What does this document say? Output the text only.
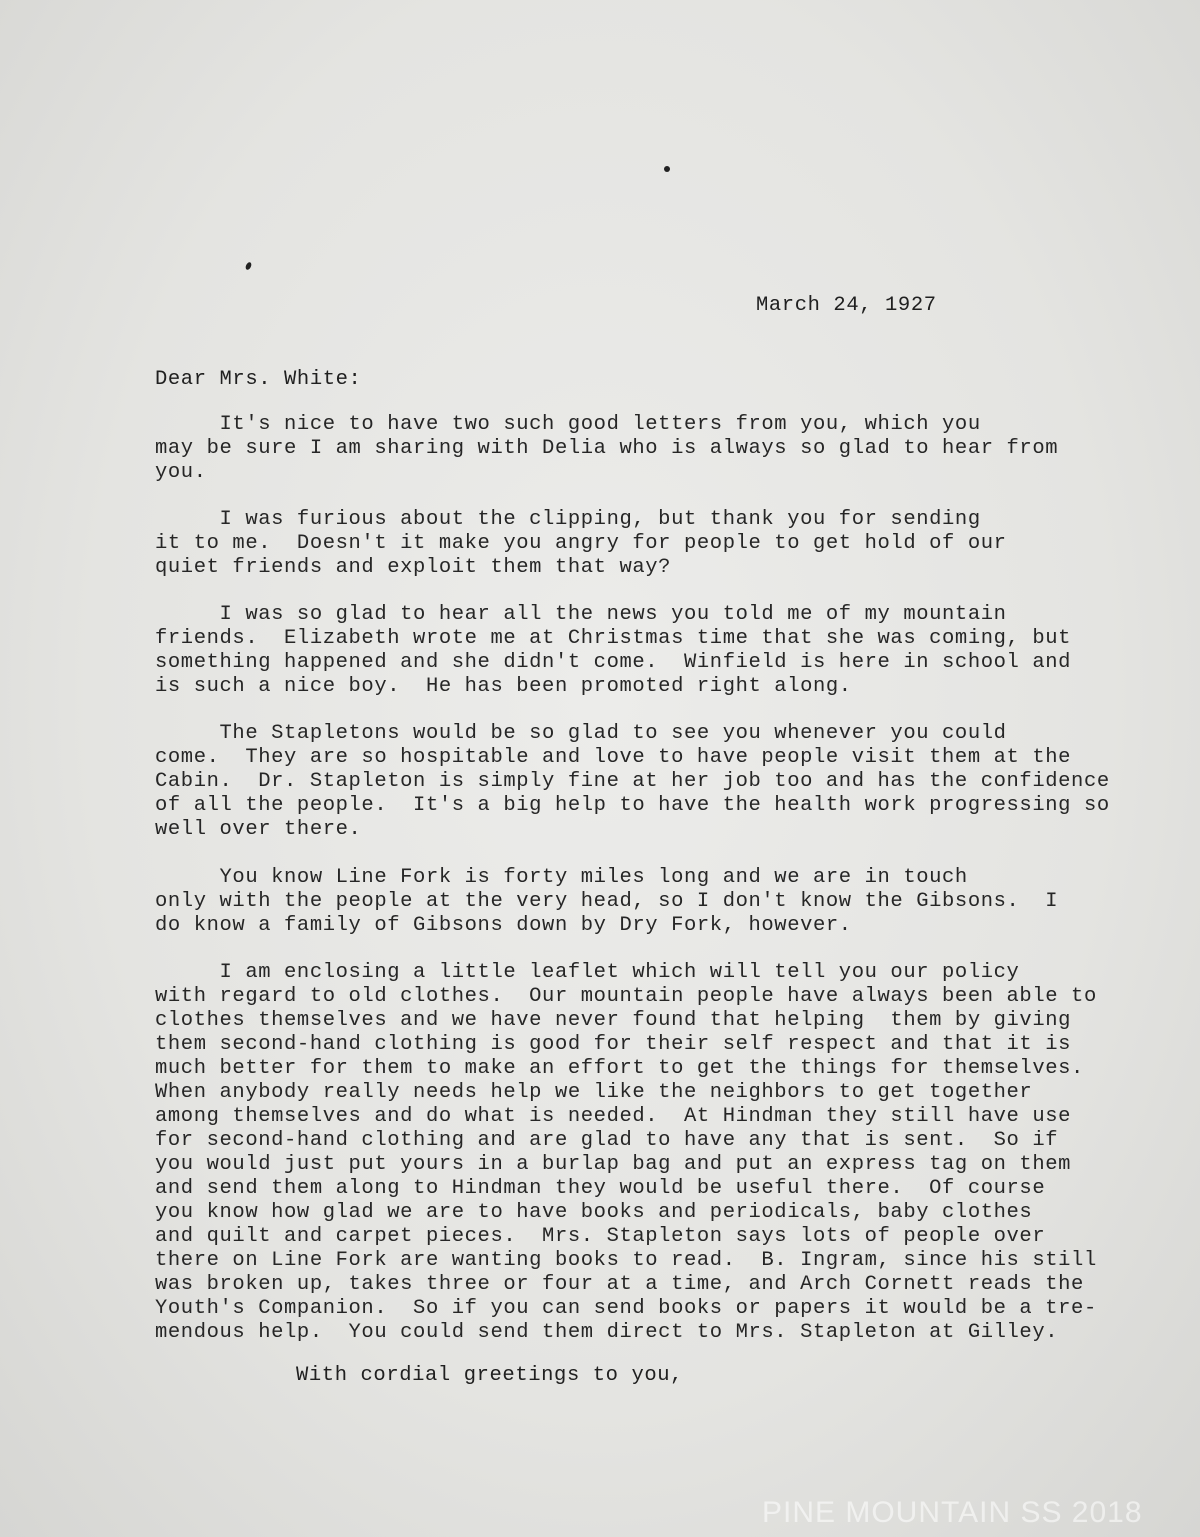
March 24, 1927

Dear Mrs. White:

It's nice to have two such good letters from you, which you

may be sure I am sharing with Delia who is always so glad to hear from

you.

I was furious about the clipping, but thank you for sending

it to me.  Doesn't it make you angry for people to get hold of our

quiet friends and exploit them that way?

I was so glad to hear all the news you told me of my mountain

friends.  Elizabeth wrote me at Christmas time that she was coming, but

something happened and she didn't come.  Winfield is here in school and

is such a nice boy.  He has been promoted right along.

The Stapletons would be so glad to see you whenever you could

come.  They are so hospitable and love to have people visit them at the

Cabin.  Dr. Stapleton is simply fine at her job too and has the confidence

of all the people.  It's a big help to have the health work progressing so

well over there.

You know Line Fork is forty miles long and we are in touch

only with the people at the very head, so I don't know the Gibsons.  I

do know a family of Gibsons down by Dry Fork, however.

I am enclosing a little leaflet which will tell you our policy

with regard to old clothes.  Our mountain people have always been able to

clothes themselves and we have never found that helping  them by giving

them second-hand clothing is good for their self respect and that it is

much better for them to make an effort to get the things for themselves.

When anybody really needs help we like the neighbors to get together

among themselves and do what is needed.  At Hindman they still have use

for second-hand clothing and are glad to have any that is sent.  So if

you would just put yours in a burlap bag and put an express tag on them

and send them along to Hindman they would be useful there.  Of course

you know how glad we are to have books and periodicals, baby clothes

and quilt and carpet pieces.  Mrs. Stapleton says lots of people over

there on Line Fork are wanting books to read.  B. Ingram, since his still

was broken up, takes three or four at a time, and Arch Cornett reads the

Youth's Companion.  So if you can send books or papers it would be a tre-

mendous help.  You could send them direct to Mrs. Stapleton at Gilley.

With cordial greetings to you,

PINE MOUNTAIN SS 2018
